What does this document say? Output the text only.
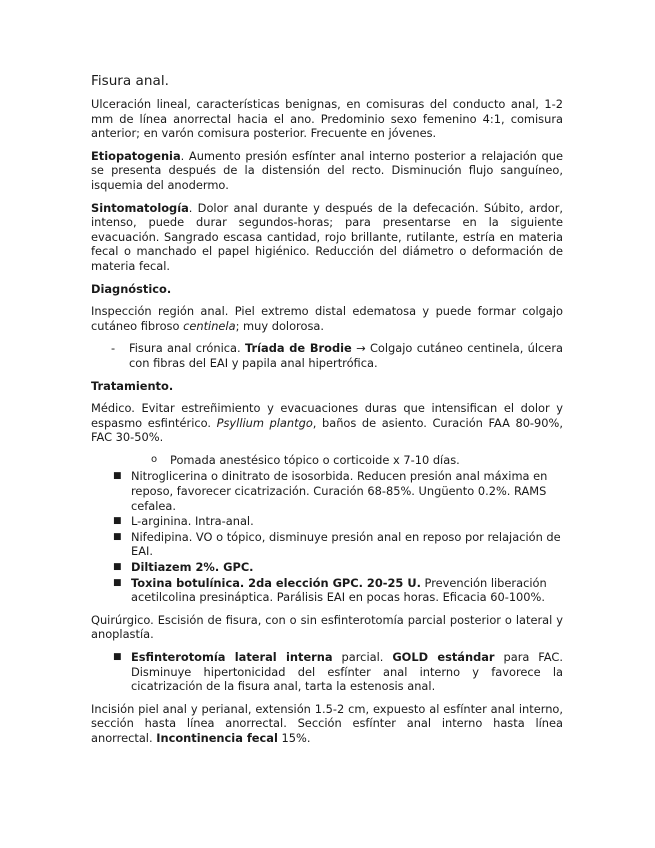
Fisura anal.

Ulceración lineal, características benignas, en comisuras del conducto anal, 1-2 mm de línea anorrectal hacia el ano. Predominio sexo femenino 4:1, comisura anterior; en varón comisura posterior. Frecuente en jóvenes.

Etiopatogenia. Aumento presión esfínter anal interno posterior a relajación que se presenta después de la distensión del recto. Disminución flujo sanguíneo, isquemia del anodermo.

Sintomatología. Dolor anal durante y después de la defecación. Súbito, ardor, intenso, puede durar segundos-horas; para presentarse en la siguiente evacuación. Sangrado escasa cantidad, rojo brillante, rutilante, estría en materia fecal o manchado el papel higiénico. Reducción del diámetro o deformación de materia fecal.

Diagnóstico.

Inspección región anal. Piel extremo distal edematosa y puede formar colgajo cutáneo fibroso centinela; muy dolorosa.

-	Fisura anal crónica. Tríada de Brodie → Colgajo cutáneo centinela, úlcera con fibras del EAI y papila anal hipertrófica.
Tratamiento.

Médico. Evitar estreñimiento y evacuaciones duras que intensifican el dolor y espasmo esfintérico. Psyllium plantgo, baños de asiento. Curación FAA 80-90%, FAC 30-50%.

o	Pomada anestésico tópico o corticoide x 7-10 días.
■ Nitroglicerina o dinitrato de isosorbida. Reducen presión anal máxima en reposo, favorecer cicatrización. Curación 68-85%. Ungüento 0.2%. RAMS cefalea.
■ L-arginina. Intra-anal.
■ Nifedipina. VO o tópico, disminuye presión anal en reposo por relajación de EAI.
■ Diltiazem 2%. GPC.
■ Toxina botulínica. 2da elección GPC. 20-25 U. Prevención liberación acetilcolina presináptica. Parálisis EAI en pocas horas. Eficacia 60-100%.

Quirúrgico. Escisión de fisura, con o sin esfinterotomía parcial posterior o lateral y anoplastía.

■ Esfinterotomía lateral interna parcial. GOLD estándar para FAC. Disminuye hipertonicidad del esfínter anal interno y favorece la cicatrización de la fisura anal, tarta la estenosis anal.

Incisión piel anal y perianal, extensión 1.5-2 cm, expuesto al esfínter anal interno, sección hasta línea anorrectal. Sección esfínter anal interno hasta línea anorrectal. Incontinencia fecal 15%.
